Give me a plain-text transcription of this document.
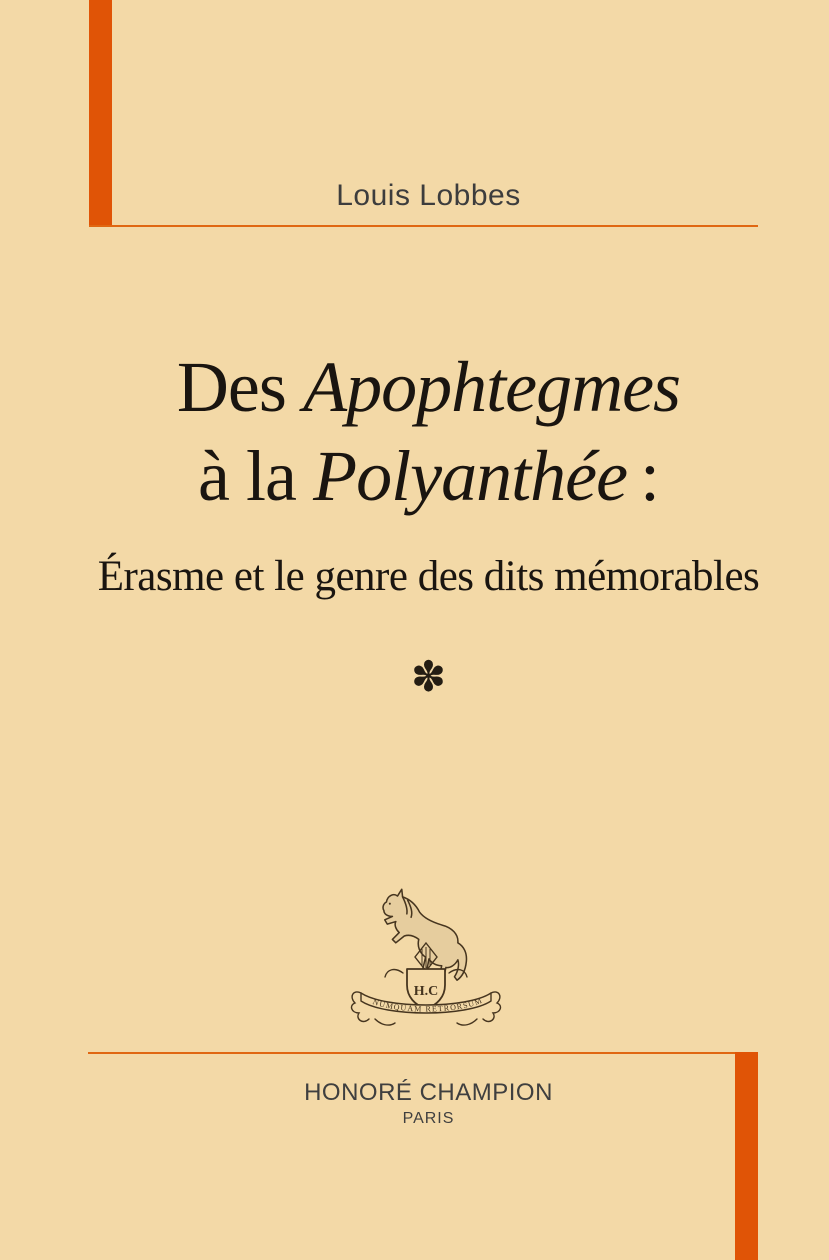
Louis Lobbes
Des Apophtegmes
à la Polyanthée :
Érasme et le genre des dits mémorables
✽
H.C
NUMQUAM RETRORSUM
HONORÉ CHAMPION
PARIS
